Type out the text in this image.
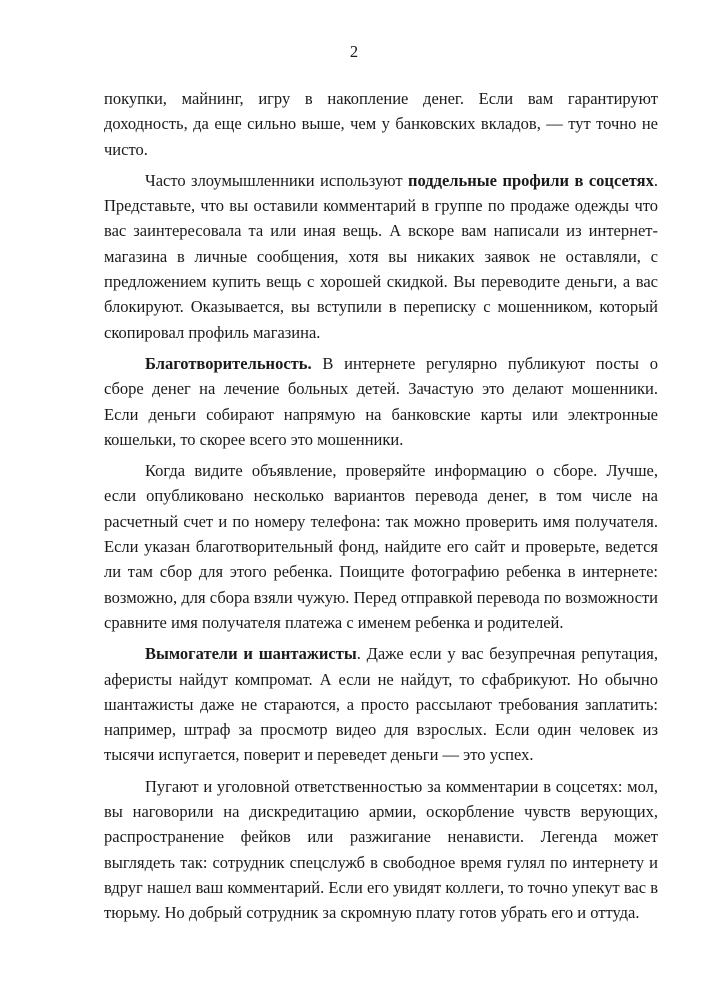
2

покупки, майнинг, игру в накопление денег. Если вам гарантируют доходность, да еще сильно выше, чем у банковских вкладов, — тут точно не чисто.

Часто злоумышленники используют поддельные профили в соцсетях. Представьте, что вы оставили комментарий в группе по продаже одежды что вас заинтересовала та или иная вещь. А вскоре вам написали из интернет-магазина в личные сообщения, хотя вы никаких заявок не оставляли, с предложением купить вещь с хорошей скидкой. Вы переводите деньги, а вас блокируют. Оказывается, вы вступили в переписку с мошенником, который скопировал профиль магазина.

Благотворительность. В интернете регулярно публикуют посты о сборе денег на лечение больных детей. Зачастую это делают мошенники. Если деньги собирают напрямую на банковские карты или электронные кошельки, то скорее всего это мошенники.

Когда видите объявление, проверяйте информацию о сборе. Лучше, если опубликовано несколько вариантов перевода денег, в том числе на расчетный счет и по номеру телефона: так можно проверить имя получателя. Если указан благотворительный фонд, найдите его сайт и проверьте, ведется ли там сбор для этого ребенка. Поищите фотографию ребенка в интернете: возможно, для сбора взяли чужую. Перед отправкой перевода по возможности сравните имя получателя платежа с именем ребенка и родителей.

Вымогатели и шантажисты. Даже если у вас безупречная репутация, аферисты найдут компромат. А если не найдут, то сфабрикуют. Но обычно шантажисты даже не стараются, а просто рассылают требования заплатить: например, штраф за просмотр видео для взрослых. Если один человек из тысячи испугается, поверит и переведет деньги — это успех.

Пугают и уголовной ответственностью за комментарии в соцсетях: мол, вы наговорили на дискредитацию армии, оскорбление чувств верующих, распространение фейков или разжигание ненависти. Легенда может выглядеть так: сотрудник спецслужб в свободное время гулял по интернету и вдруг нашел ваш комментарий. Если его увидят коллеги, то точно упекут вас в тюрьму. Но добрый сотрудник за скромную плату готов убрать его и оттуда.
